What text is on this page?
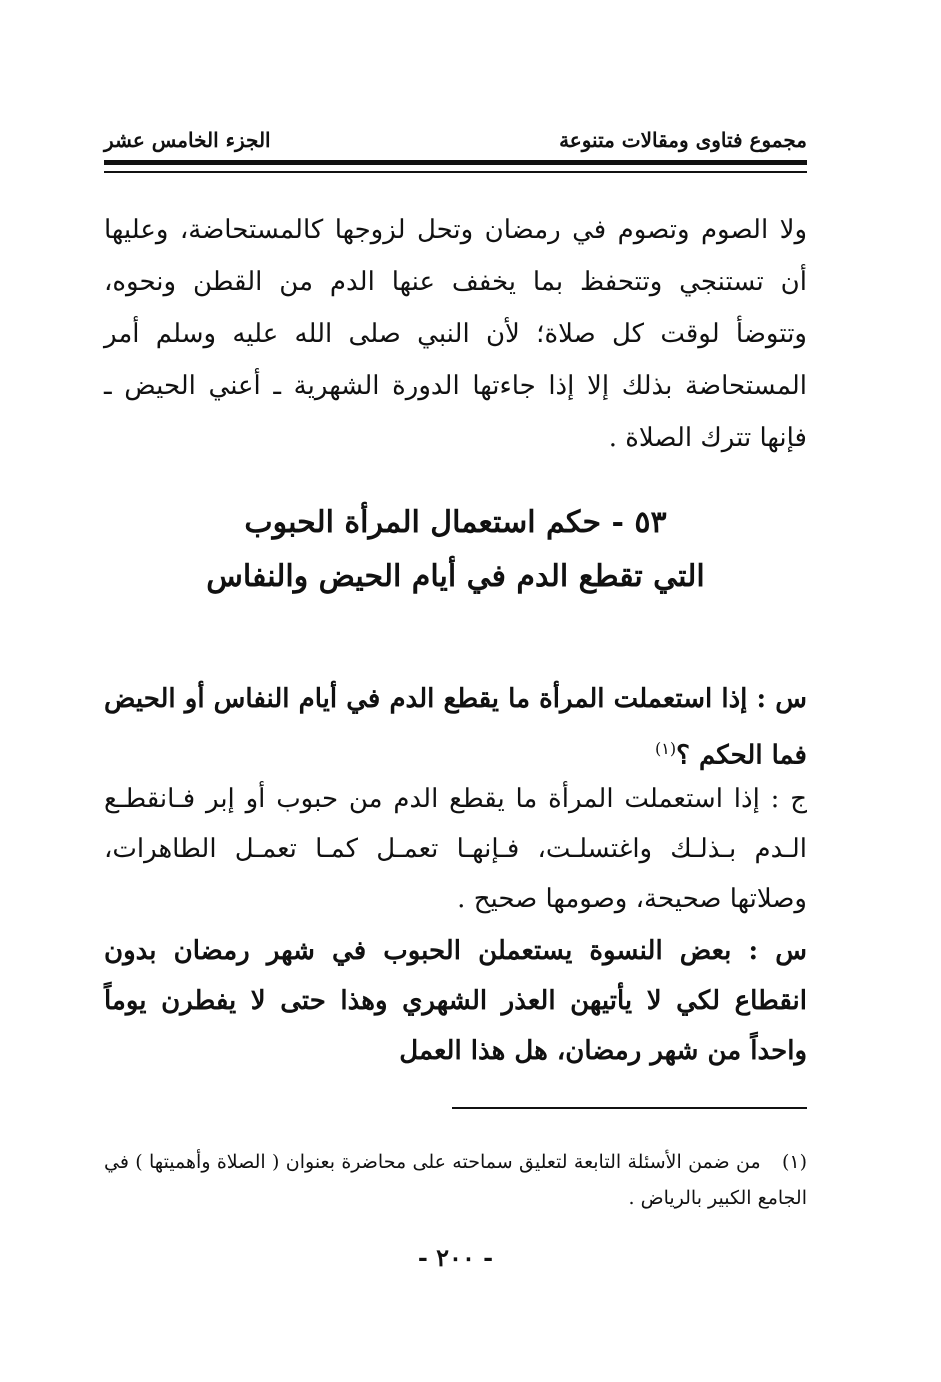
مجموع فتاوى ومقالات متنوعة
الجزء الخامس عشر

ولا الصوم وتصوم في رمضان وتحل لزوجها كالمستحاضة، وعليها أن تستنجي وتتحفظ بما يخفف عنها الدم من القطن ونحوه، وتتوضأ لوقت كل صلاة؛ لأن النبي صلى الله عليه وسلم أمر المستحاضة بذلك إلا إذا جاءتها الدورة الشهرية ـ أعني الحيض ـ فإنها تترك الصلاة .

٥٣ - حكم استعمال المرأة الحبوب
التي تقطع الدم في أيام الحيض والنفاس

س : إذا استعملت المرأة ما يقطع الدم في أيام النفاس أو الحيض فما الحكم ؟$^{(١)}$

ج : إذا استعملت المرأة ما يقطع الدم من حبوب أو إبر فـانقطـع الـدم بـذلـك واغتسلـت، فـإنهـا تعمـل كمـا تعمـل الطاهرات، وصلاتها صحيحة، وصومها صحيح .

س : بعض النسوة يستعملن الحبوب في شهر رمضان بدون انقطاع لكي لا يأتيهن العذر الشهري وهذا حتى لا يفطرن يوماً واحداً من شهر رمضان، هل هذا العمل

(١) من ضمن الأسئلة التابعة لتعليق سماحته على محاضرة بعنوان ( الصلاة وأهميتها ) في الجامع الكبير بالرياض .

- ٢٠٠ -
